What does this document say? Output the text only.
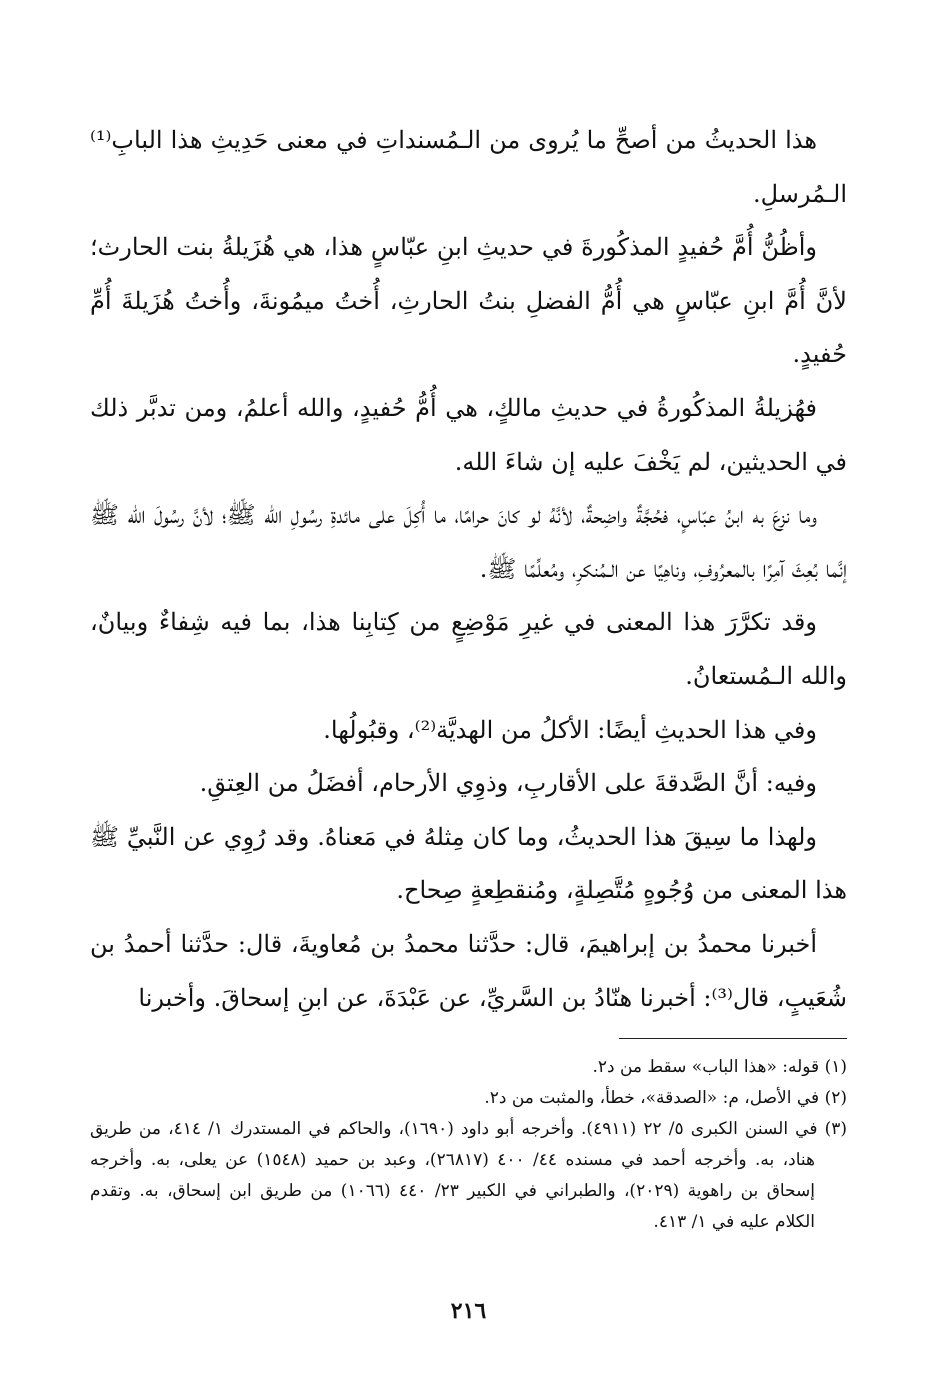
هذا الحديثُ من أصحِّ ما يُروى من الـمُسنداتِ في معنى حَدِيثِ هذا البابِ⁽¹⁾ الـمُرسلِ.

وأظُنُّ أُمَّ حُفيدٍ المذكُورةَ في حديثِ ابنِ عبّاسٍ هذا، هي هُزَيلةُ بنت الحارث؛ لأنَّ أُمَّ ابنِ عبّاسٍ هي أُمُّ الفضلِ بنتُ الحارثِ، أُختُ ميمُونةَ، وأُختُ هُزَيلةَ أُمِّ حُفيدٍ.

فهُزيلةُ المذكُورةُ في حديثِ مالكٍ، هي أُمُّ حُفيدٍ، والله أعلمُ، ومن تدبَّر ذلك في الحديثين، لم يَخْفَ عليه إن شاءَ الله.

وما نزعَ به ابنُ عبّاسٍ، فحُجَّةٌ واضِحةٌ، لأنَّهُ لو كانَ حرامًا، ما أُكِلَ على مائدةِ رسُولِ الله ﷺ؛ لأنَّ رسُولَ الله ﷺ إنَّما بُعِثَ آمِرًا بالمعرُوفِ، وناهِيًا عن الـمُنكرِ، ومُعلِّمًا ﷺ.

وقد تكرَّرَ هذا المعنى في غيرِ مَوْضِعٍ من كِتابِنا هذا، بما فيه شِفاءٌ وبيانٌ، والله الـمُستعانُ.

وفي هذا الحديثِ أيضًا: الأكلُ من الهديَّة⁽²⁾، وقبُولُها.

وفيه: أنَّ الصَّدقةَ على الأقاربِ، وذوِي الأرحام، أفضَلُ من العِتقِ.

ولهذا ما سِيقَ هذا الحديثُ، وما كان مِثلهُ في مَعناهُ. وقد رُوِي عن النَّبيِّ ﷺ هذا المعنى من وُجُوهٍ مُتَّصِلةٍ، ومُنقطِعةٍ صِحاح.

أخبرنا محمدُ بن إبراهيمَ، قال: حدَّثنا محمدُ بن مُعاويةَ، قال: حدَّثنا أحمدُ بن شُعَيبٍ، قال⁽³⁾: أخبرنا هنّادُ بن السَّريِّ، عن عَبْدَةَ، عن ابنِ إسحاقَ. وأخبرنا

(١) قوله: «هذا الباب» سقط من د٢.

(٢) في الأصل، م: «الصدقة»، خطأ، والمثبت من د٢.

(٣) في السنن الكبرى ٥/ ٢٢ (٤٩١١). وأخرجه أبو داود (١٦٩٠)، والحاكم في المستدرك ١/ ٤١٤، من طريق هناد، به. وأخرجه أحمد في مسنده ٤٤/ ٤٠٠ (٢٦٨١٧)، وعبد بن حميد (١٥٤٨) عن يعلى، به. وأخرجه إسحاق بن راهوية (٢٠٢٩)، والطبراني في الكبير ٢٣/ ٤٤٠ (١٠٦٦) من طريق ابن إسحاق، به. وتقدم الكلام عليه في ١/ ٤١٣.

٢١٦
